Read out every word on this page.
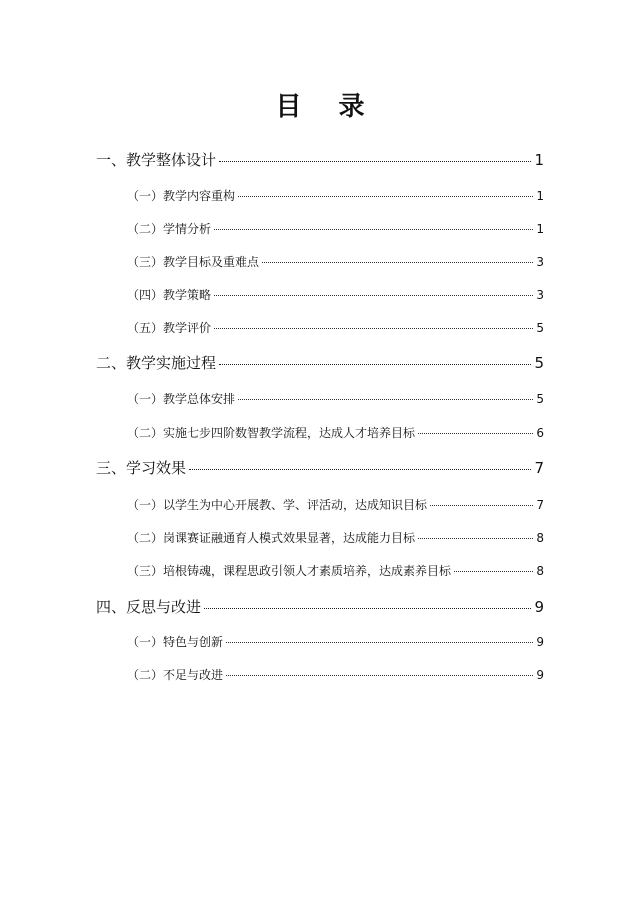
目 录
一、教学整体设计	1
（一）教学内容重构	1
（二）学情分析	1
（三）教学目标及重难点	3
（四）教学策略	3
（五）教学评价	5
二、教学实施过程	5
（一）教学总体安排	5
（二）实施七步四阶数智教学流程，达成人才培养目标	6
三、学习效果	7
（一）以学生为中心开展教、学、评活动，达成知识目标	7
（二）岗课赛证融通育人模式效果显著，达成能力目标	8
（三）培根铸魂，课程思政引领人才素质培养，达成素养目标	8
四、反思与改进	9
（一）特色与创新	9
（二）不足与改进	9
